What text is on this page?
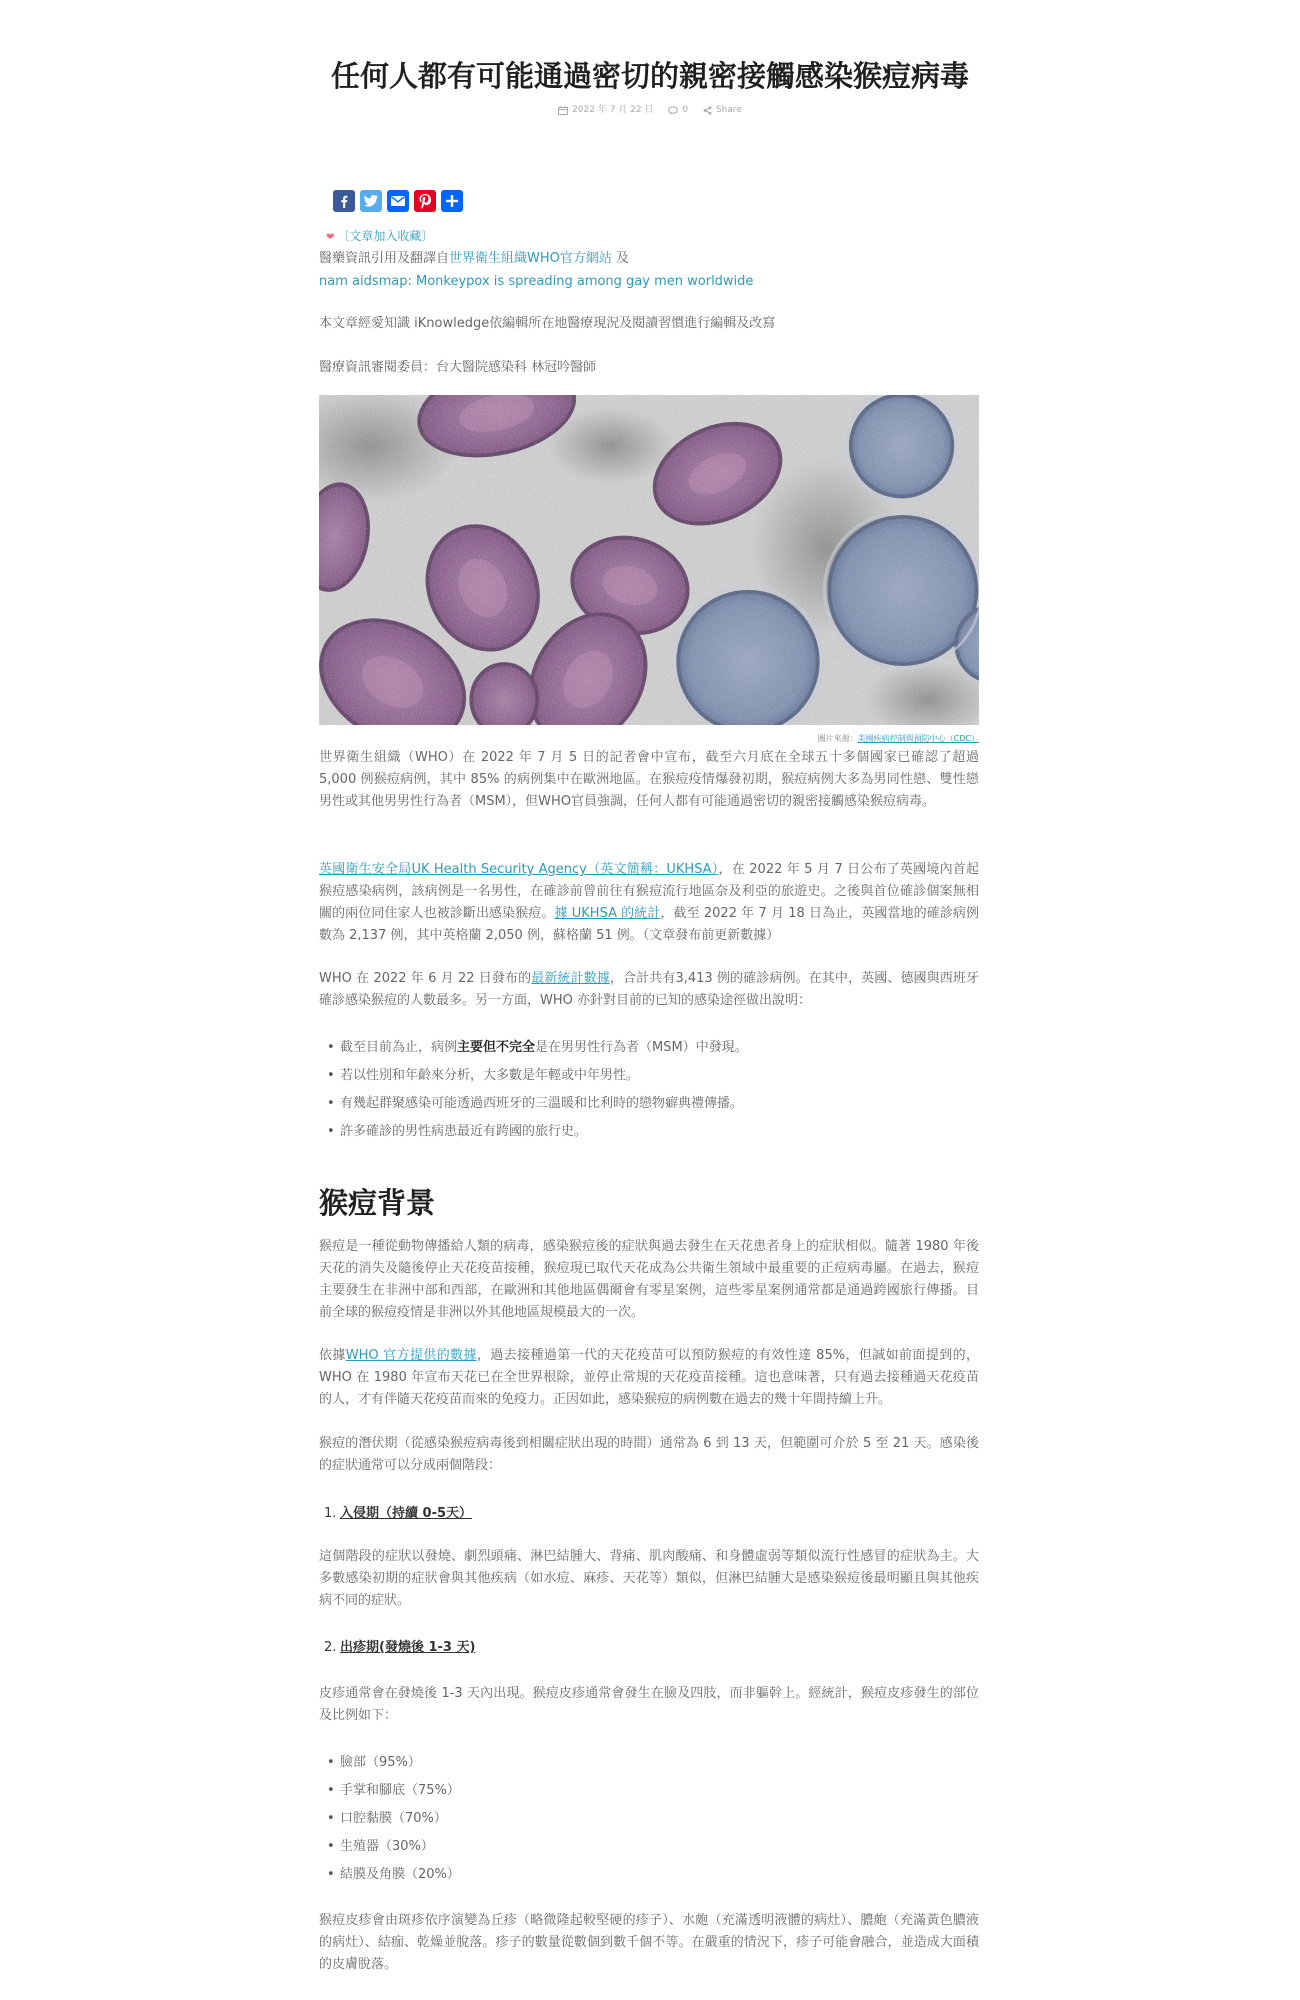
任何人都有可能通過密切的親密接觸感染猴痘病毒
2022 年 7 月 22 日
	0
	Share
❤ 〔文章加入收藏〕
醫藥資訊引用及翻譯自世界衛生組織WHO官方網站 及
nam aidsmap: Monkeypox is spreading among gay men worldwide
本文章經愛知識 iKnowledge依編輯所在地醫療現況及閱讀習慣進行編輯及改寫
醫療資訊審閱委員：台大醫院感染科 林冠吟醫師
圖片來源：美國疾病控制與預防中心（CDC）

世界衛生組織（WHO）在 2022 年 7 月 5 日的記者會中宣布，截至六月底在全球五十多個國家已確認了超過 5,000 例猴痘病例，其中 85% 的病例集中在歐洲地區。在猴痘疫情爆發初期，猴痘病例大多為男同性戀、雙性戀男性或其他男男性行為者（MSM），但WHO官員強調，任何人都有可能通過密切的親密接觸感染猴痘病毒。

英國衛生安全局UK Health Security Agency（英文簡稱：UKHSA），在 2022 年 5 月 7 日公布了英國境內首起猴痘感染病例，該病例是一名男性，在確診前曾前往有猴痘流行地區奈及利亞的旅遊史。之後與首位確診個案無相關的兩位同住家人也被診斷出感染猴痘。據 UKHSA 的統計，截至 2022 年 7 月 18 日為止，英國當地的確診病例數為 2,137 例，其中英格蘭 2,050 例，蘇格蘭 51 例。（文章發布前更新數據）

WHO 在 2022 年 6 月 22 日發布的最新統計數據，合計共有3,413 例的確診病例。在其中，英國、德國與西班牙確診感染猴痘的人數最多。另一方面，WHO 亦針對目前的已知的感染途徑做出說明：

• 截至目前為止，病例主要但不完全是在男男性行為者（MSM）中發現。
• 若以性別和年齡來分析，大多數是年輕或中年男性。
• 有幾起群聚感染可能透過西班牙的三溫暖和比利時的戀物癖典禮傳播。
• 許多確診的男性病患最近有跨國的旅行史。
猴痘背景

猴痘是一種從動物傳播給人類的病毒，感染猴痘後的症狀與過去發生在天花患者身上的症狀相似。隨著 1980 年後天花的消失及隨後停止天花疫苗接種，猴痘現已取代天花成為公共衛生領域中最重要的正痘病毒屬。在過去，猴痘主要發生在非洲中部和西部，在歐洲和其他地區偶爾會有零星案例，這些零星案例通常都是通過跨國旅行傳播。目前全球的猴痘疫情是非洲以外其他地區規模最大的一次。

依據WHO 官方提供的數據，過去接種過第一代的天花疫苗可以預防猴痘的有效性達 85%，但誠如前面提到的，WHO 在 1980 年宣布天花已在全世界根除，並停止常規的天花疫苗接種。這也意味著，只有過去接種過天花疫苗的人，才有伴隨天花疫苗而來的免疫力。正因如此，感染猴痘的病例數在過去的幾十年間持續上升。

猴痘的潛伏期（從感染猴痘病毒後到相關症狀出現的時間）通常為 6 到 13 天，但範圍可介於 5 至 21 天。感染後的症狀通常可以分成兩個階段：

1. 入侵期（持續 0-5天）

這個階段的症狀以發燒、劇烈頭痛、淋巴結腫大、背痛、肌肉酸痛、和身體虛弱等類似流行性感冒的症狀為主。大多數感染初期的症狀會與其他疾病（如水痘、麻疹、天花等）類似，但淋巴結腫大是感染猴痘後最明顯且與其他疾病不同的症狀。

2. 出疹期(發燒後 1-3 天)

皮疹通常會在發燒後 1-3 天內出現。猴痘皮疹通常會發生在臉及四肢，而非軀幹上。經統計，猴痘皮疹發生的部位及比例如下：

• 臉部（95%）
• 手掌和腳底（75%）
• 口腔黏膜（70%）
• 生殖器（30%）
• 結膜及角膜（20%）

猴痘皮疹會由斑疹依序演變為丘疹（略微隆起較堅硬的疹子）、水皰（充滿透明液體的病灶）、膿皰（充滿黃色膿液的病灶）、結痂、乾燥並脫落。疹子的數量從數個到數千個不等。在嚴重的情況下，疹子可能會融合，並造成大面積的皮膚脫落。
